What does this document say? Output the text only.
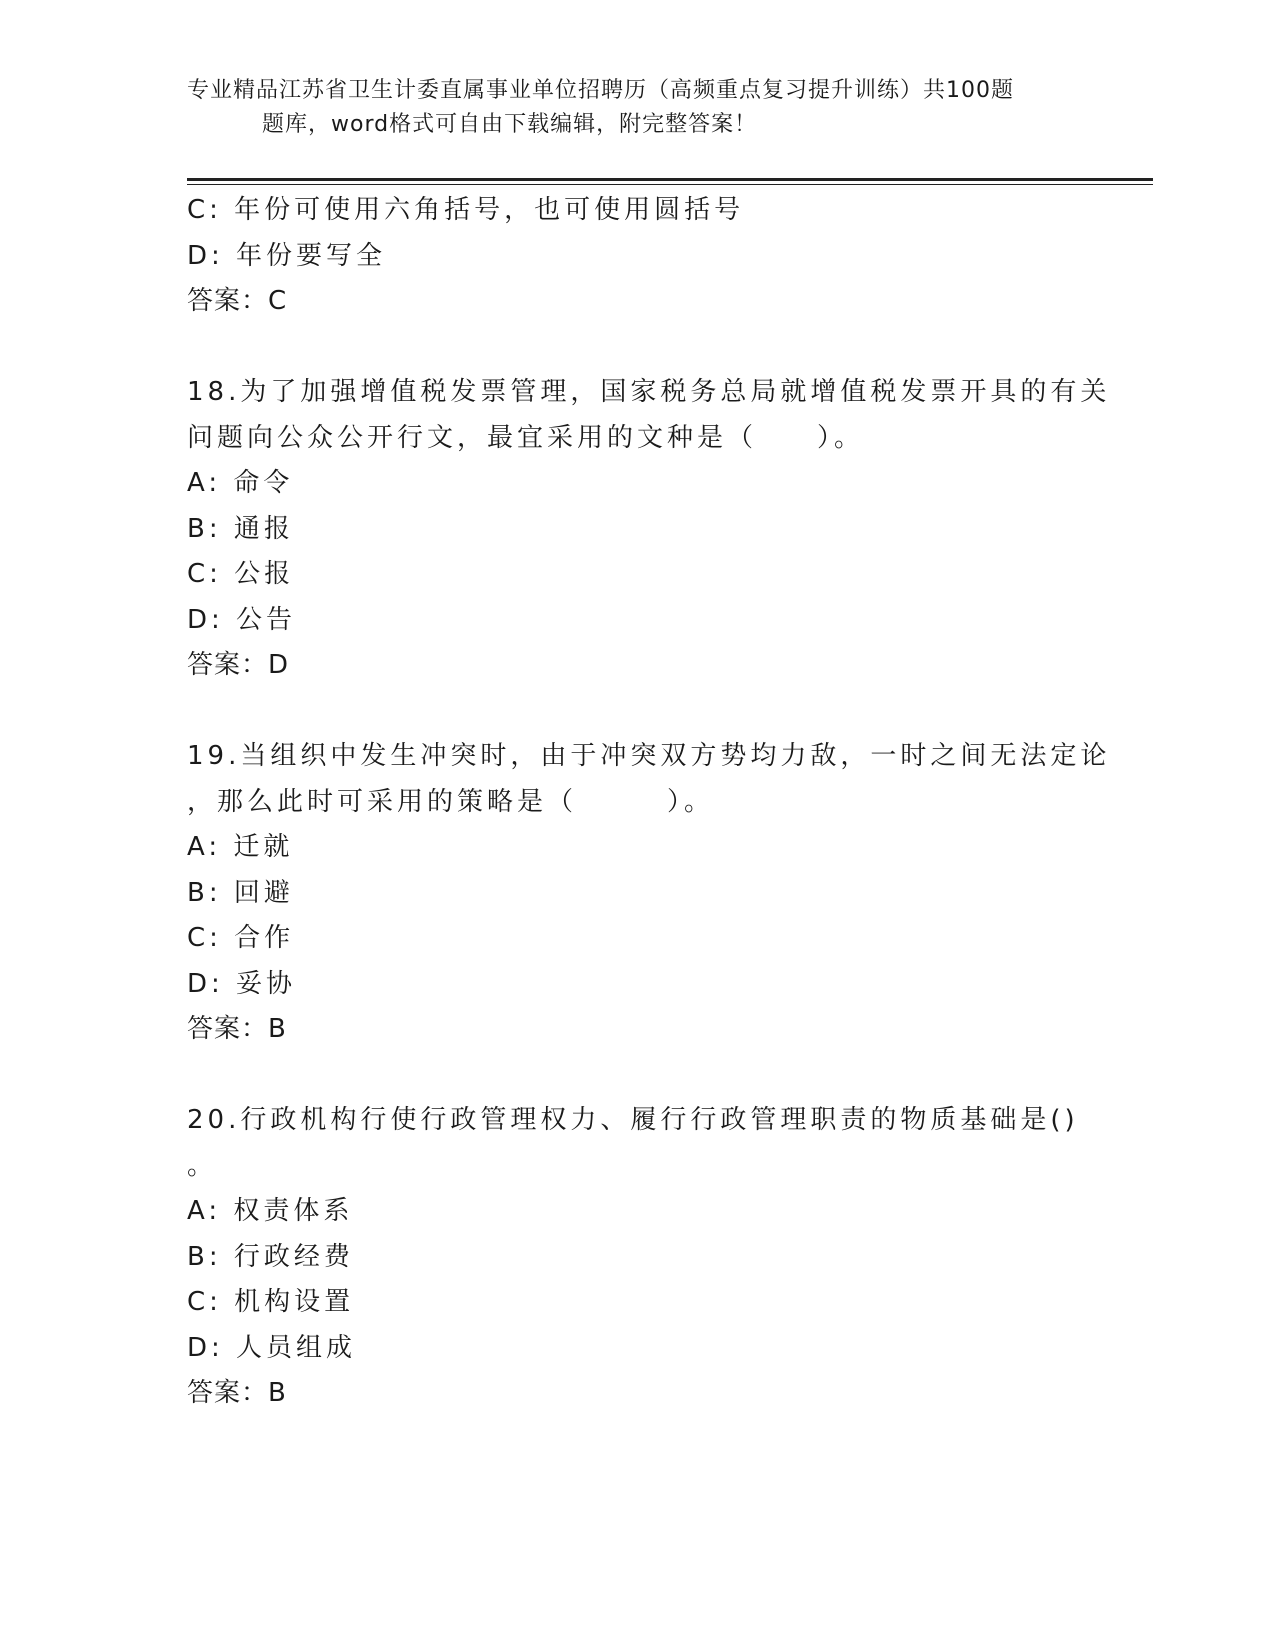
专业精品江苏省卫生计委直属事业单位招聘历（高频重点复习提升训练）共100题
题库，word格式可自由下载编辑，附完整答案！
C: 年份可使用六角括号，也可使用圆括号
D: 年份要写全
答案：C
18.为了加强增值税发票管理，国家税务总局就增值税发票开具的有关
问题向公众公开行文，最宜采用的文种是（　　）。
A: 命令
B: 通报
C: 公报
D: 公告
答案：D
19.当组织中发生冲突时，由于冲突双方势均力敌，一时之间无法定论
，那么此时可采用的策略是（　　　）。
A: 迁就
B: 回避
C: 合作
D: 妥协
答案：B
20.行政机构行使行政管理权力、履行行政管理职责的物质基础是()
。
A: 权责体系
B: 行政经费
C: 机构设置
D: 人员组成
答案：B
